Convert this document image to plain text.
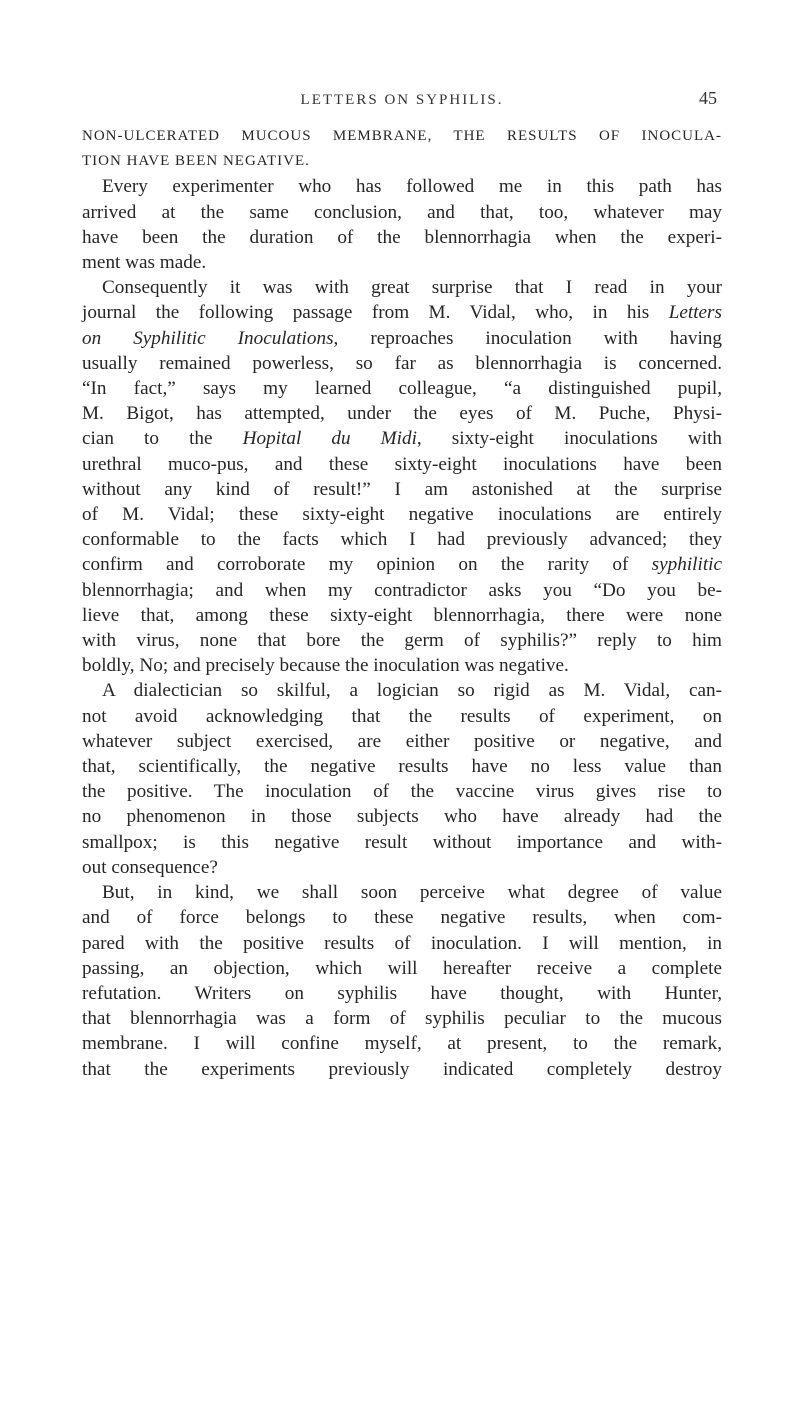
LETTERS ON SYPHILIS.	45
NON-ULCERATED MUCOUS MEMBRANE, THE RESULTS OF INOCULA-
TION HAVE BEEN NEGATIVE.
Every experimenter who has followed me in this path has
arrived at the same conclusion, and that, too, whatever may
have been the duration of the blennorrhagia when the experi-
ment was made.
Consequently it was with great surprise that I read in your
journal the following passage from M. Vidal, who, in his Letters
on Syphilitic Inoculations, reproaches inoculation with having
usually remained powerless, so far as blennorrhagia is concerned.
“In fact,” says my learned colleague, “a distinguished pupil,
M. Bigot, has attempted, under the eyes of M. Puche, Physi-
cian to the Hopital du Midi, sixty-eight inoculations with
urethral muco-pus, and these sixty-eight inoculations have been
without any kind of result!” I am astonished at the surprise
of M. Vidal; these sixty-eight negative inoculations are entirely
conformable to the facts which I had previously advanced; they
confirm and corroborate my opinion on the rarity of syphilitic
blennorrhagia; and when my contradictor asks you “Do you be-
lieve that, among these sixty-eight blennorrhagia, there were none
with virus, none that bore the germ of syphilis?” reply to him
boldly, No; and precisely because the inoculation was negative.
A dialectician so skilful, a logician so rigid as M. Vidal, can-
not avoid acknowledging that the results of experiment, on
whatever subject exercised, are either positive or negative, and
that, scientifically, the negative results have no less value than
the positive. The inoculation of the vaccine virus gives rise to
no phenomenon in those subjects who have already had the
smallpox; is this negative result without importance and with-
out consequence?
But, in kind, we shall soon perceive what degree of value
and of force belongs to these negative results, when com-
pared with the positive results of inoculation. I will mention, in
passing, an objection, which will hereafter receive a complete
refutation. Writers on syphilis have thought, with Hunter,
that blennorrhagia was a form of syphilis peculiar to the mucous
membrane. I will confine myself, at present, to the remark,
that the experiments previously indicated completely destroy
